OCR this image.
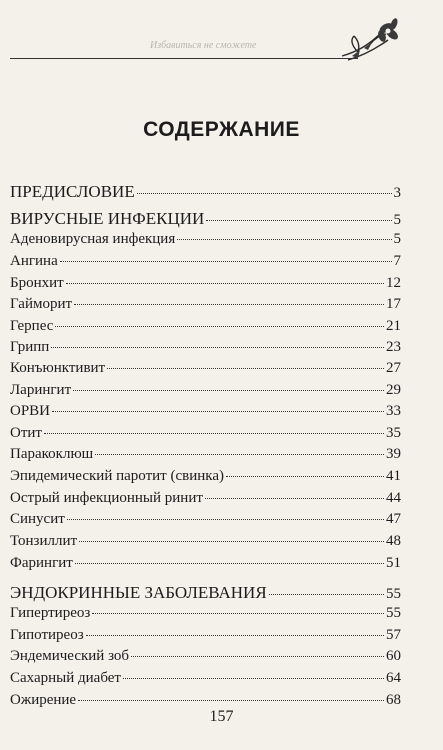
Избавиться не сможете
СОДЕРЖАНИЕ
ПРЕДИСЛОВИЕ	3
ВИРУСНЫЕ ИНФЕКЦИИ	5
Аденовирусная инфекция	5
Ангина	7
Бронхит	12
Гайморит	17
Герпес	21
Грипп	23
Конъюнктивит	27
Ларингит	29
ОРВИ	33
Отит	35
Паракоклюш	39
Эпидемический паротит (свинка)	41
Острый инфекционный ринит	44
Синусит	47
Тонзиллит	48
Фарингит	51
ЭНДОКРИННЫЕ ЗАБОЛЕВАНИЯ	55
Гипертиреоз	55
Гипотиреоз	57
Эндемический зоб	60
Сахарный диабет	64
Ожирение	68
157
